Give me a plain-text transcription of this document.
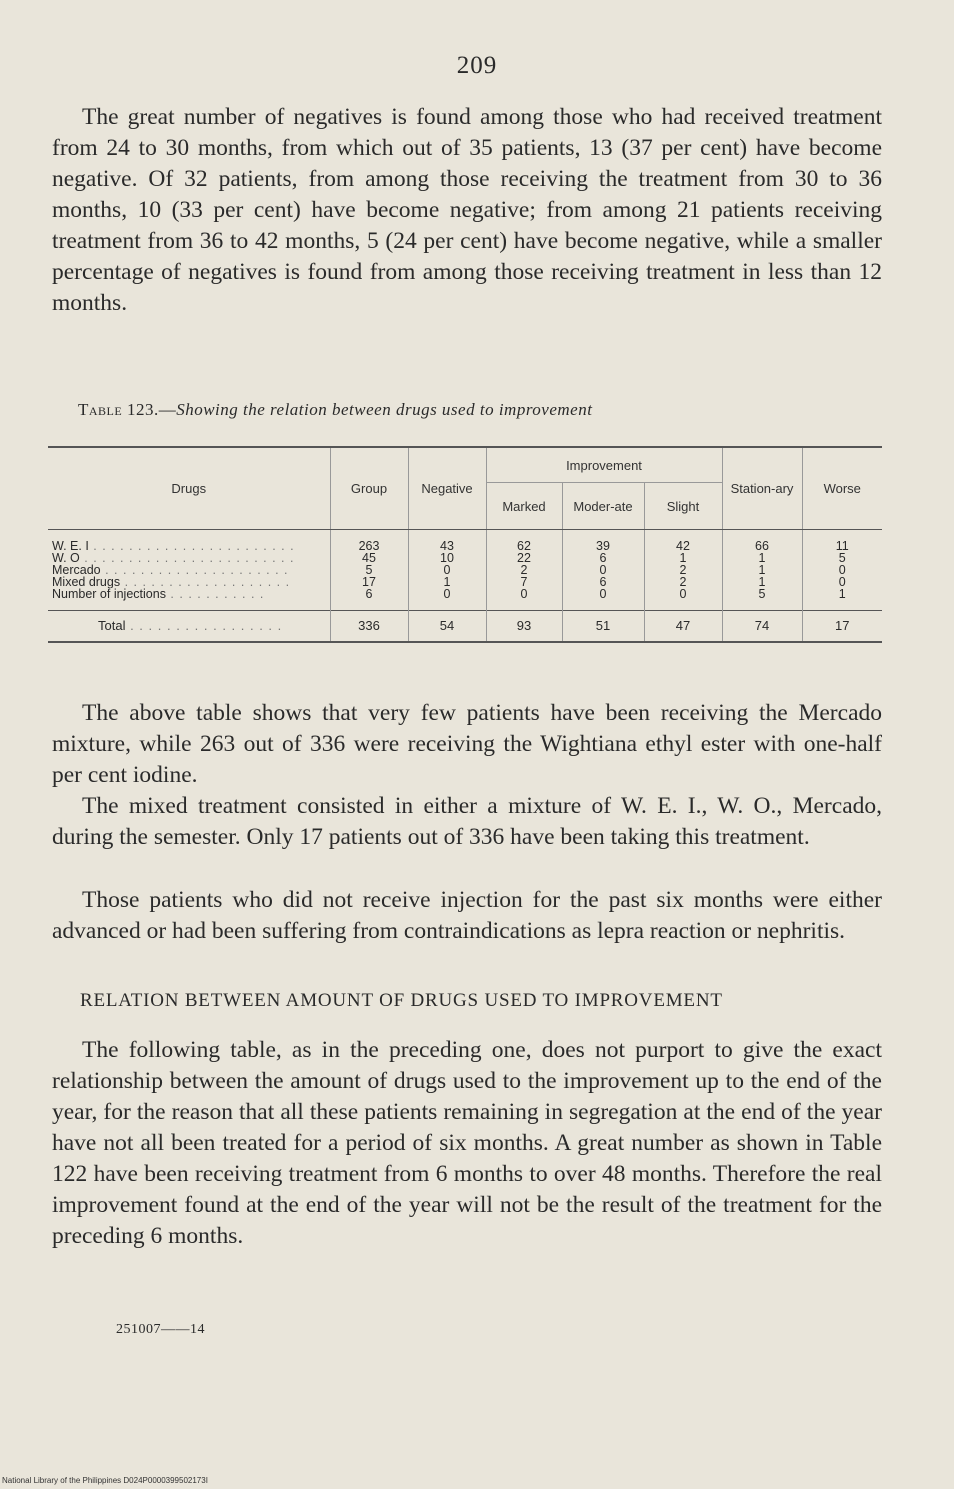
209

The great number of negatives is found among those who had received treatment from 24 to 30 months, from which out of 35 patients, 13 (37 per cent) have become negative. Of 32 patients, from among those receiving the treatment from 30 to 36 months, 10 (33 per cent) have become negative; from among 21 patients receiving treatment from 36 to 42 months, 5 (24 per cent) have become negative, while a smaller percentage of negatives is found from among those receiving treatment in less than 12 months.

Table 123.—Showing the relation between drugs used to improvement
Drugs	Group	Negative	Improvement			Station-ary	Worse
			Marked	Moder-ate	Slight		
W. E. I . . . . . . . . . . . . . . . . . . . . . . .	263	43	62	39	42	66	11
W. O . . . . . . . . . . . . . . . . . . . . . . . .	45	10	22	6	1	1	5
Mercado . . . . . . . . . . . . . . . . . . . . .	5	0	2	0	2	1	0
Mixed drugs . . . . . . . . . . . . . . . . . . .	17	1	7	6	2	1	0
Number of injections . . . . . . . . . . .	6	0	0	0	0	5	1
Total . . . . . . . . . . . . . . . . .	336	54	93	51	47	74	17

The above table shows that very few patients have been receiving the Mercado mixture, while 263 out of 336 were receiving the Wightiana ethyl ester with one-half per cent iodine.

The mixed treatment consisted in either a mixture of W. E. I., W. O., Mercado, during the semester. Only 17 patients out of 336 have been taking this treatment.

Those patients who did not receive injection for the past six months were either advanced or had been suffering from contraindications as lepra reaction or nephritis.

RELATION BETWEEN AMOUNT OF DRUGS USED TO IMPROVEMENT

The following table, as in the preceding one, does not purport to give the exact relationship between the amount of drugs used to the improvement up to the end of the year, for the reason that all these patients remaining in segregation at the end of the year have not all been treated for a period of six months. A great number as shown in Table 122 have been receiving treatment from 6 months to over 48 months. Therefore the real improvement found at the end of the year will not be the result of the treatment for the preceding 6 months.

251007——14
National Library of the Philippines D024P0000399502173I
